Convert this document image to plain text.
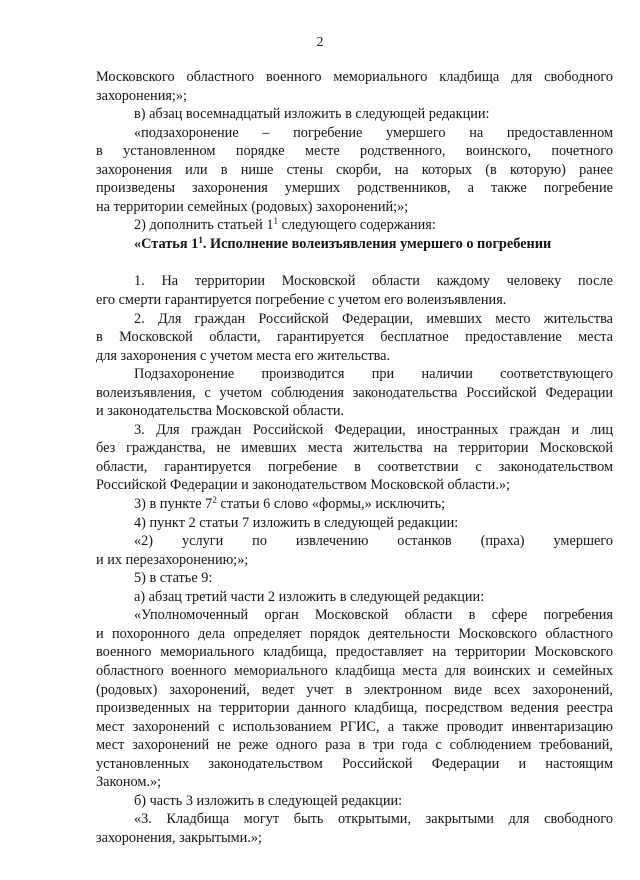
2
Московского областного военного мемориального кладбища для свободного
захоронения;»;
в) абзац восемнадцатый изложить в следующей редакции:
«подзахоронение – погребение умершего на предоставленном
в установленном порядке месте родственного, воинского, почетного
захоронения или в нише стены скорби, на которых (в которую) ранее
произведены захоронения умерших родственников, а также погребение
на территории семейных (родовых) захоронений;»;
2) дополнить статьей $1^1$ следующего содержания:
«Статья $1^1$. Исполнение волеизъявления умершего о погребении
1. На территории Московской области каждому человеку после
его смерти гарантируется погребение с учетом его волеизъявления.
2. Для граждан Российской Федерации, имевших место жительства
в Московской области, гарантируется бесплатное предоставление места
для захоронения с учетом места его жительства.
Подзахоронение производится при наличии соответствующего
волеизъявления, с учетом соблюдения законодательства Российской Федерации
и законодательства Московской области.
3. Для граждан Российской Федерации, иностранных граждан и лиц
без гражданства, не имевших места жительства на территории Московской
области, гарантируется погребение в соответствии с законодательством
Российской Федерации и законодательством Московской области.»;
3) в пункте $7^2$ статьи 6 слово «формы,» исключить;
4) пункт 2 статьи 7 изложить в следующей редакции:
«2) услуги по извлечению останков (праха) умершего
и их перезахоронению;»;
5) в статье 9:
а) абзац третий части 2 изложить в следующей редакции:
«Уполномоченный орган Московской области в сфере погребения
и похоронного дела определяет порядок деятельности Московского областного
военного мемориального кладбища, предоставляет на территории Московского
областного военного мемориального кладбища места для воинских и семейных
(родовых) захоронений, ведет учет в электронном виде всех захоронений,
произведенных на территории данного кладбища, посредством ведения реестра
мест захоронений с использованием РГИС, а также проводит инвентаризацию
мест захоронений не реже одного раза в три года с соблюдением требований,
установленных законодательством Российской Федерации и настоящим
Законом.»;
б) часть 3 изложить в следующей редакции:
«3. Кладбища могут быть открытыми, закрытыми для свободного
захоронения, закрытыми.»;
